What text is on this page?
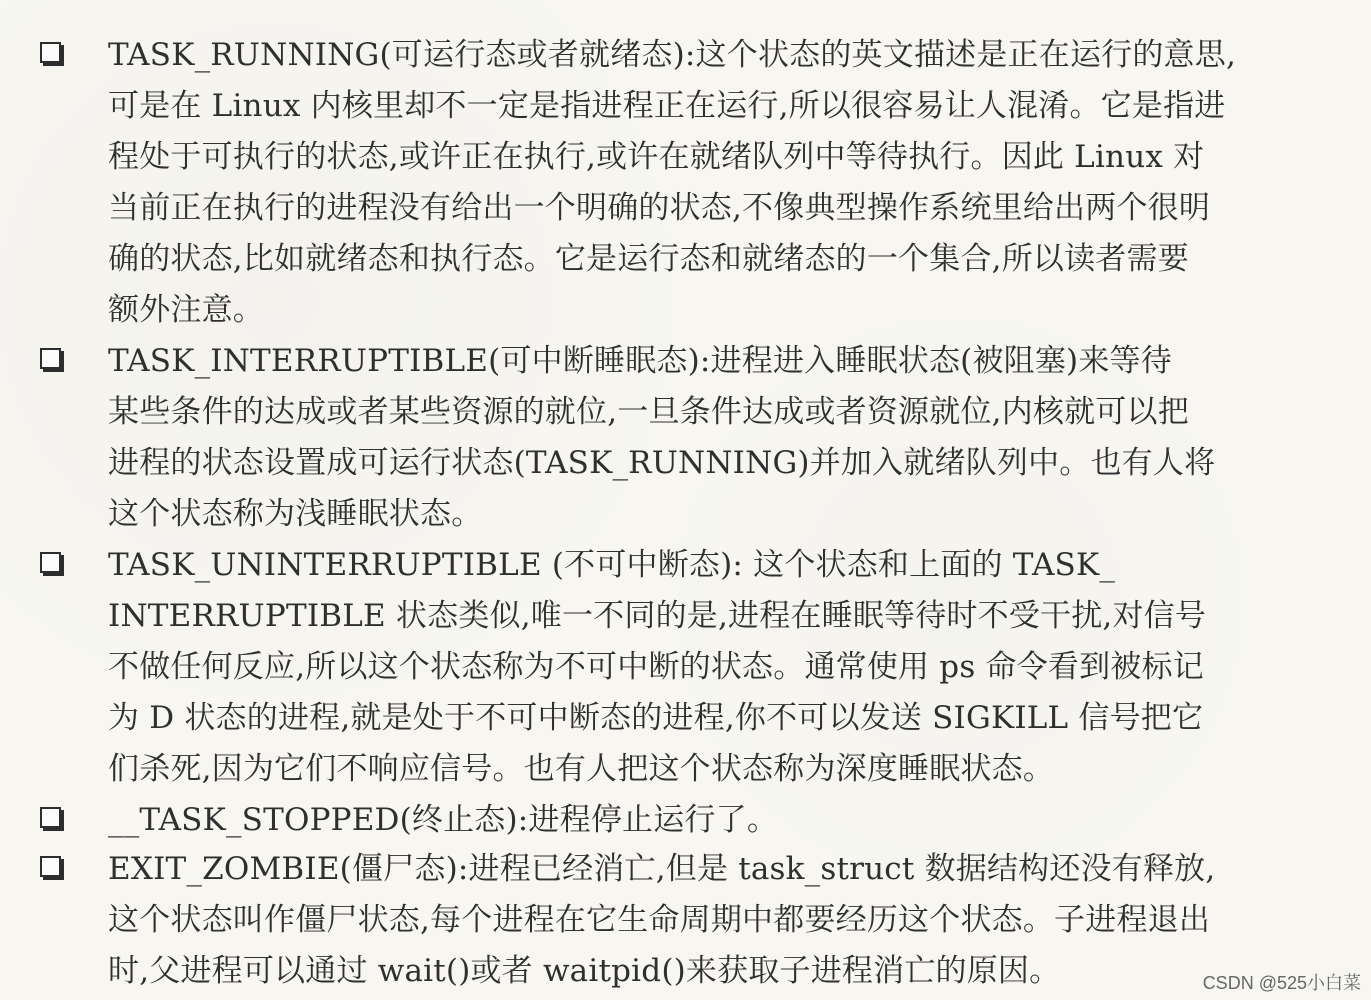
TASK_RUNNING(可运行态或者就绪态):这个状态的英文描述是正在运行的意思,
可是在 Linux 内核里却不一定是指进程正在运行,所以很容易让人混淆。它是指进
程处于可执行的状态,或许正在执行,或许在就绪队列中等待执行。因此 Linux 对
当前正在执行的进程没有给出一个明确的状态,不像典型操作系统里给出两个很明
确的状态,比如就绪态和执行态。它是运行态和就绪态的一个集合,所以读者需要
额外注意。
TASK_INTERRUPTIBLE(可中断睡眠态):进程进入睡眠状态(被阻塞)来等待
某些条件的达成或者某些资源的就位,一旦条件达成或者资源就位,内核就可以把
进程的状态设置成可运行状态(TASK_RUNNING)并加入就绪队列中。也有人将
这个状态称为浅睡眠状态。
TASK_UNINTERRUPTIBLE (不可中断态): 这个状态和上面的 TASK_
INTERRUPTIBLE 状态类似,唯一不同的是,进程在睡眠等待时不受干扰,对信号
不做任何反应,所以这个状态称为不可中断的状态。通常使用 ps 命令看到被标记
为 D 状态的进程,就是处于不可中断态的进程,你不可以发送 SIGKILL 信号把它
们杀死,因为它们不响应信号。也有人把这个状态称为深度睡眠状态。
__TASK_STOPPED(终止态):进程停止运行了。
EXIT_ZOMBIE(僵尸态):进程已经消亡,但是 task_struct 数据结构还没有释放,
这个状态叫作僵尸状态,每个进程在它生命周期中都要经历这个状态。子进程退出
时,父进程可以通过 wait()或者 waitpid()来获取子进程消亡的原因。	CSDN @525小白菜
